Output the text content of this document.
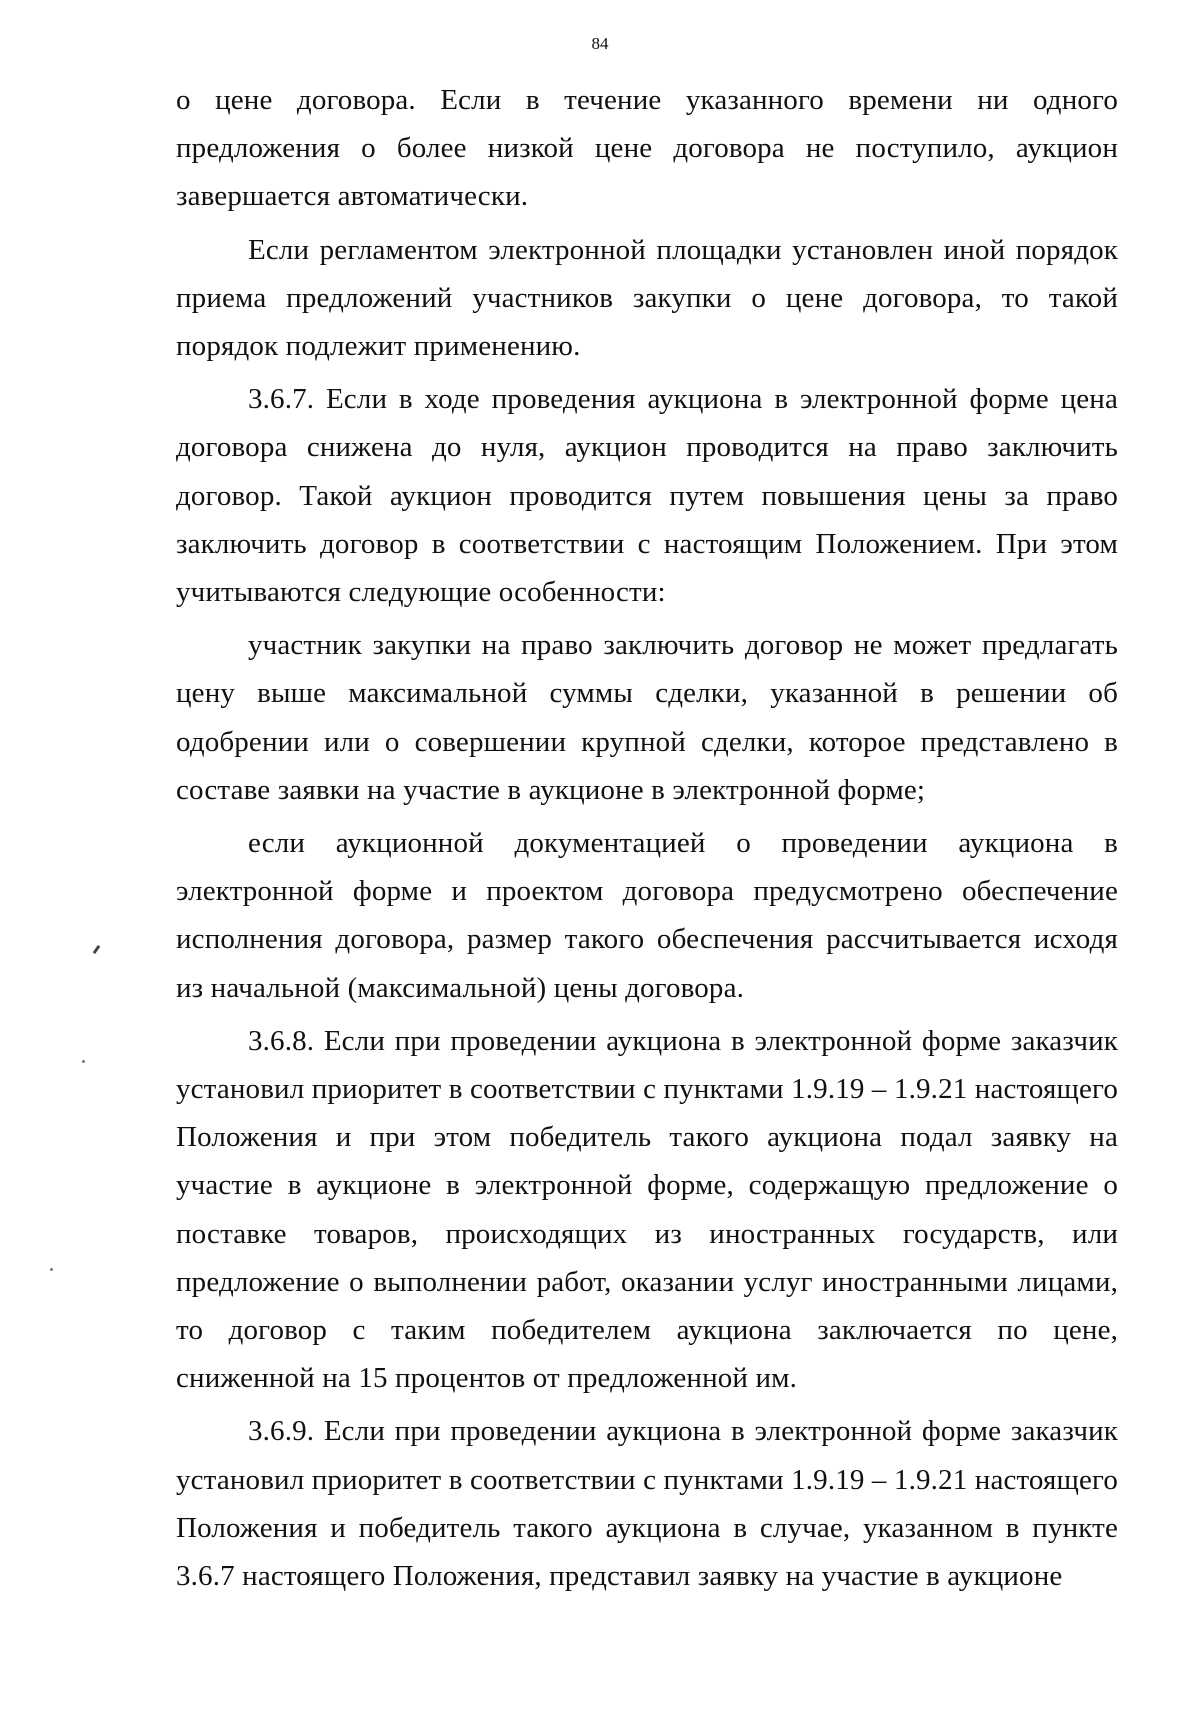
84

о цене договора. Если в течение указанного времени ни одного предложения о более низкой цене договора не поступило, аукцион завершается автоматически.

Если регламентом электронной площадки установлен иной порядок приема предложений участников закупки о цене договора, то такой порядок подлежит применению.

3.6.7. Если в ходе проведения аукциона в электронной форме цена договора снижена до нуля, аукцион проводится на право заключить договор. Такой аукцион проводится путем повышения цены за право заключить договор в соответствии с настоящим Положением. При этом учитываются следующие особенности:

участник закупки на право заключить договор не может предлагать цену выше максимальной суммы сделки, указанной в решении об одобрении или о совершении крупной сделки, которое представлено в составе заявки на участие в аукционе в электронной форме;

если аукционной документацией о проведении аукциона в электронной форме и проектом договора предусмотрено обеспечение исполнения договора, размер такого обеспечения рассчитывается исходя из начальной (максимальной) цены договора.

3.6.8. Если при проведении аукциона в электронной форме заказчик установил приоритет в соответствии с пунктами 1.9.19 – 1.9.21 настоящего Положения и при этом победитель такого аукциона подал заявку на участие в аукционе в электронной форме, содержащую предложение о поставке товаров, происходящих из иностранных государств, или предложение о выполнении работ, оказании услуг иностранными лицами, то договор с таким победителем аукциона заключается по цене, сниженной на 15 процентов от предложенной им.

3.6.9. Если при проведении аукциона в электронной форме заказчик установил приоритет в соответствии с пунктами 1.9.19 – 1.9.21 настоящего Положения и победитель такого аукциона в случае, указанном в пункте 3.6.7 настоящего Положения, представил заявку на участие в аукционе
